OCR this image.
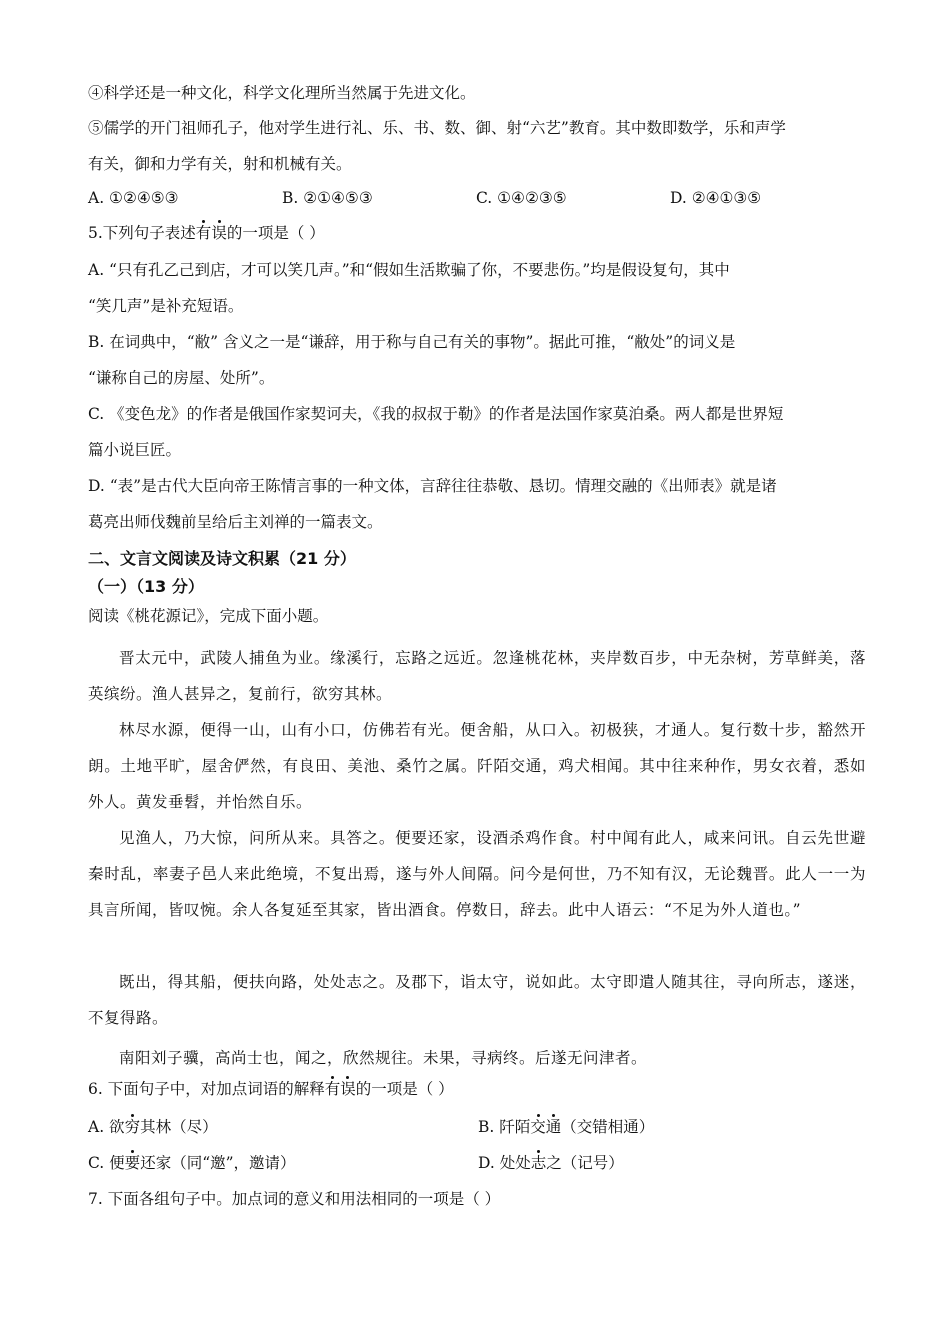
④科学还是一种文化，科学文化理所当然属于先进文化。

⑤儒学的开门祖师孔子，他对学生进行礼、乐、书、数、御、射“六艺”教育。其中数即数学，乐和声学

有关，御和力学有关，射和机械有关。

A. ①②④⑤③	B. ②①④⑤③	C. ①④②③⑤	D. ②④①③⑤

5.下列句子表述有误的一项是（ ）

A. “只有孔乙己到店，才可以笑几声。”和“假如生活欺骗了你，不要悲伤。”均是假设复句，其中

“笑几声”是补充短语。

B. 在词典中，“敝” 含义之一是“谦辞，用于称与自己有关的事物”。据此可推，“敝处”的词义是

“谦称自己的房屋、处所”。

C. 《变色龙》的作者是俄国作家契诃夫，《我的叔叔于勒》的作者是法国作家莫泊桑。两人都是世界短

篇小说巨匠。

D. “表”是古代大臣向帝王陈情言事的一种文体，言辞往往恭敬、恳切。情理交融的《出师表》就是诸

葛亮出师伐魏前呈给后主刘禅的一篇表文。

二、文言文阅读及诗文积累（21 分）

（一）（13 分）

阅读《桃花源记》，完成下面小题。

晋太元中，武陵人捕鱼为业。缘溪行，忘路之远近。忽逢桃花林，夹岸数百步，中无杂树，芳草鲜美，落英缤纷。渔人甚异之，复前行，欲穷其林。

林尽水源，便得一山，山有小口，仿佛若有光。便舍船，从口入。初极狭，才通人。复行数十步，豁然开朗。土地平旷，屋舍俨然，有良田、美池、桑竹之属。阡陌交通，鸡犬相闻。其中往来种作，男女衣着，悉如外人。黄发垂髫，并怡然自乐。

见渔人，乃大惊，问所从来。具答之。便要还家，设酒杀鸡作食。村中闻有此人，咸来问讯。自云先世避秦时乱，率妻子邑人来此绝境，不复出焉，遂与外人间隔。问今是何世，乃不知有汉，无论魏晋。此人一一为具言所闻，皆叹惋。余人各复延至其家，皆出酒食。停数日，辞去。此中人语云：“不足为外人道也。”

既出，得其船，便扶向路，处处志之。及郡下，诣太守，说如此。太守即遣人随其往，寻向所志，遂迷，不复得路。

南阳刘子骥，高尚士也，闻之，欣然规往。未果，寻病终。后遂无问津者。

6. 下面句子中，对加点词语的解释有误的一项是（ ）

A. 欲穷其林（尽）	B. 阡陌交通（交错相通）
C. 便要还家（同“邀”，邀请）	D. 处处志之（记号）

7. 下面各组句子中。加点词的意义和用法相同的一项是（ ）
